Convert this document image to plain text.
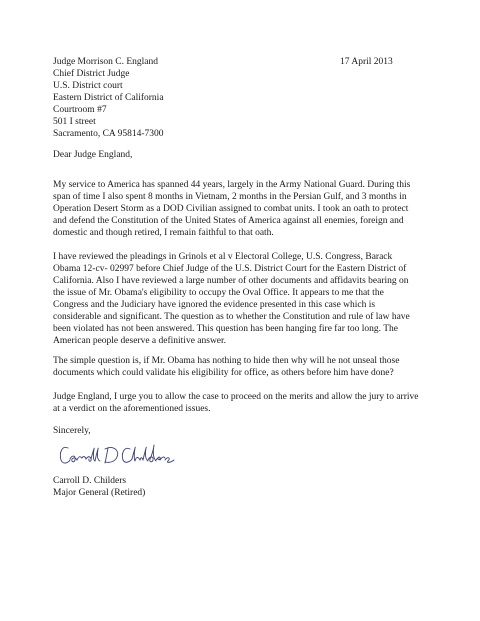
17 April 2013
Judge Morrison C. England
Chief District Judge
U.S. District court
Eastern District of California
Courtroom #7
501 I street
Sacramento, CA 95814-7300
Dear Judge England,
My service to America has spanned 44 years, largely in the Army National Guard. During this span of time I also spent 8 months in Vietnam, 2 months in the Persian Gulf, and 3 months in Operation Desert Storm as a DOD Civilian assigned to combat units. I took an oath to protect and defend the Constitution of the United States of America against all enemies, foreign and domestic and though retired, I remain faithful to that oath.
I have reviewed the pleadings in Grinols et al v Electoral College, U.S. Congress, Barack Obama 12-cv- 02997 before Chief Judge of the U.S. District Court for the Eastern District of California. Also I have reviewed a large number of other documents and affidavits bearing on the issue of Mr. Obama's eligibility to occupy the Oval Office. It appears to me that the Congress and the Judiciary have ignored the evidence presented in this case which is considerable and significant. The question as to whether the Constitution and rule of law have been violated has not been answered. This question has been hanging fire far too long. The American people deserve a definitive answer.
The simple question is, if Mr. Obama has nothing to hide then why will he not unseal those documents which could validate his eligibility for office, as others before him have done?
Judge England, I urge you to allow the case to proceed on the merits and allow the jury to arrive at a verdict on the aforementioned issues.
Sincerely,
Carroll D. Childers
Major General (Retired)
